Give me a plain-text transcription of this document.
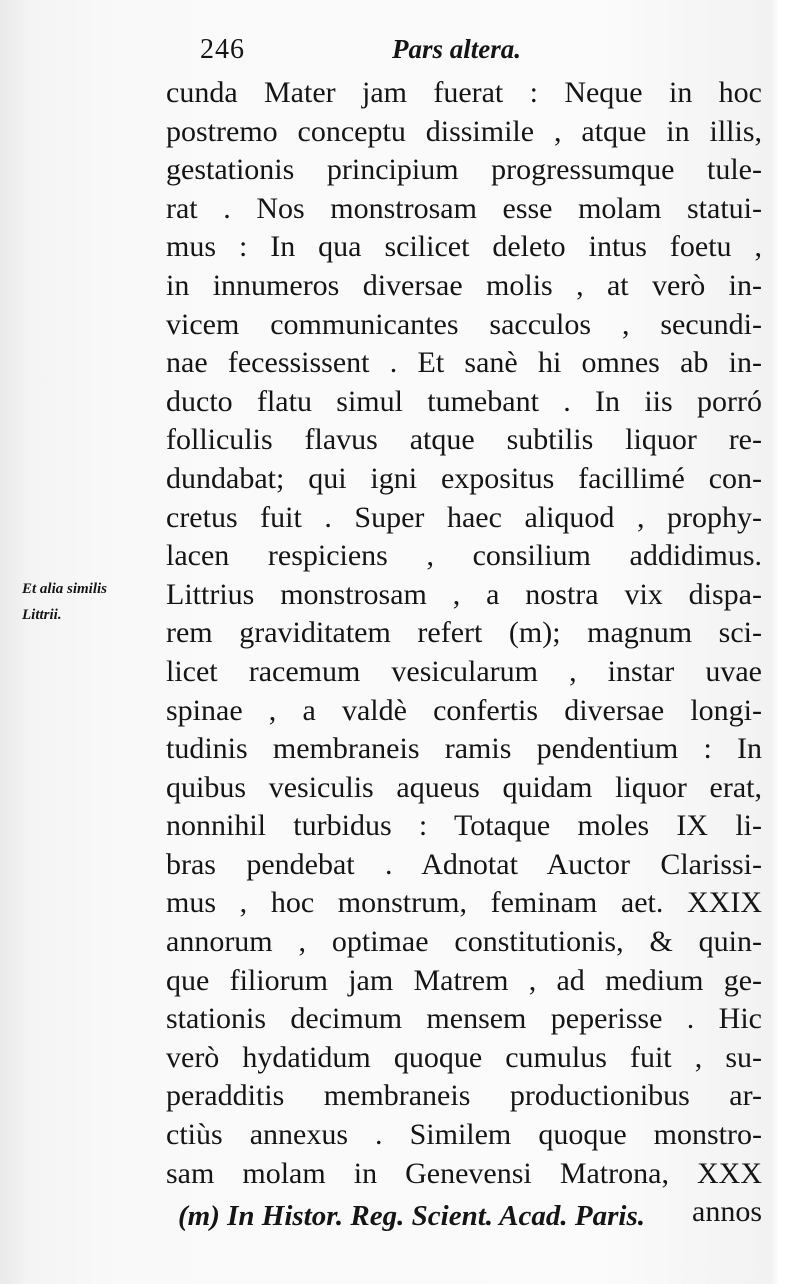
246	Pars altera.
Et alia similis
Littrii.
cunda Mater jam fuerat : Neque in hoc
postremo conceptu dissimile , atque in illis,
gestationis principium progressumque tule-
rat . Nos monstrosam esse molam statui-
mus : In qua scilicet deleto intus foetu ,
in innumeros diversae molis , at verò in-
vicem communicantes sacculos , secundi-
nae fecessissent . Et sanè hi omnes ab in-
ducto flatu simul tumebant . In iis porró
folliculis flavus atque subtilis liquor re-
dundabat; qui igni expositus facillimé con-
cretus fuit . Super haec aliquod , prophy-
lacen respiciens , consilium addidimus.
Littrius monstrosam , a nostra vix dispa-
rem graviditatem refert (m); magnum sci-
licet racemum vesicularum , instar uvae
spinae , a valdè confertis diversae longi-
tudinis membraneis ramis pendentium : In
quibus vesiculis aqueus quidam liquor erat,
nonnihil turbidus : Totaque moles IX li-
bras pendebat . Adnotat Auctor Clarissi-
mus , hoc monstrum, feminam aet. XXIX
annorum , optimae constitutionis, & quin-
que filiorum jam Matrem , ad medium ge-
stationis decimum mensem peperisse . Hic
verò hydatidum quoque cumulus fuit , su-
peradditis membraneis productionibus ar-
ctiùs annexus . Similem quoque monstro-
sam molam in Genevensi Matrona, XXX
annos
(m) In Histor. Reg. Scient. Acad. Paris.
